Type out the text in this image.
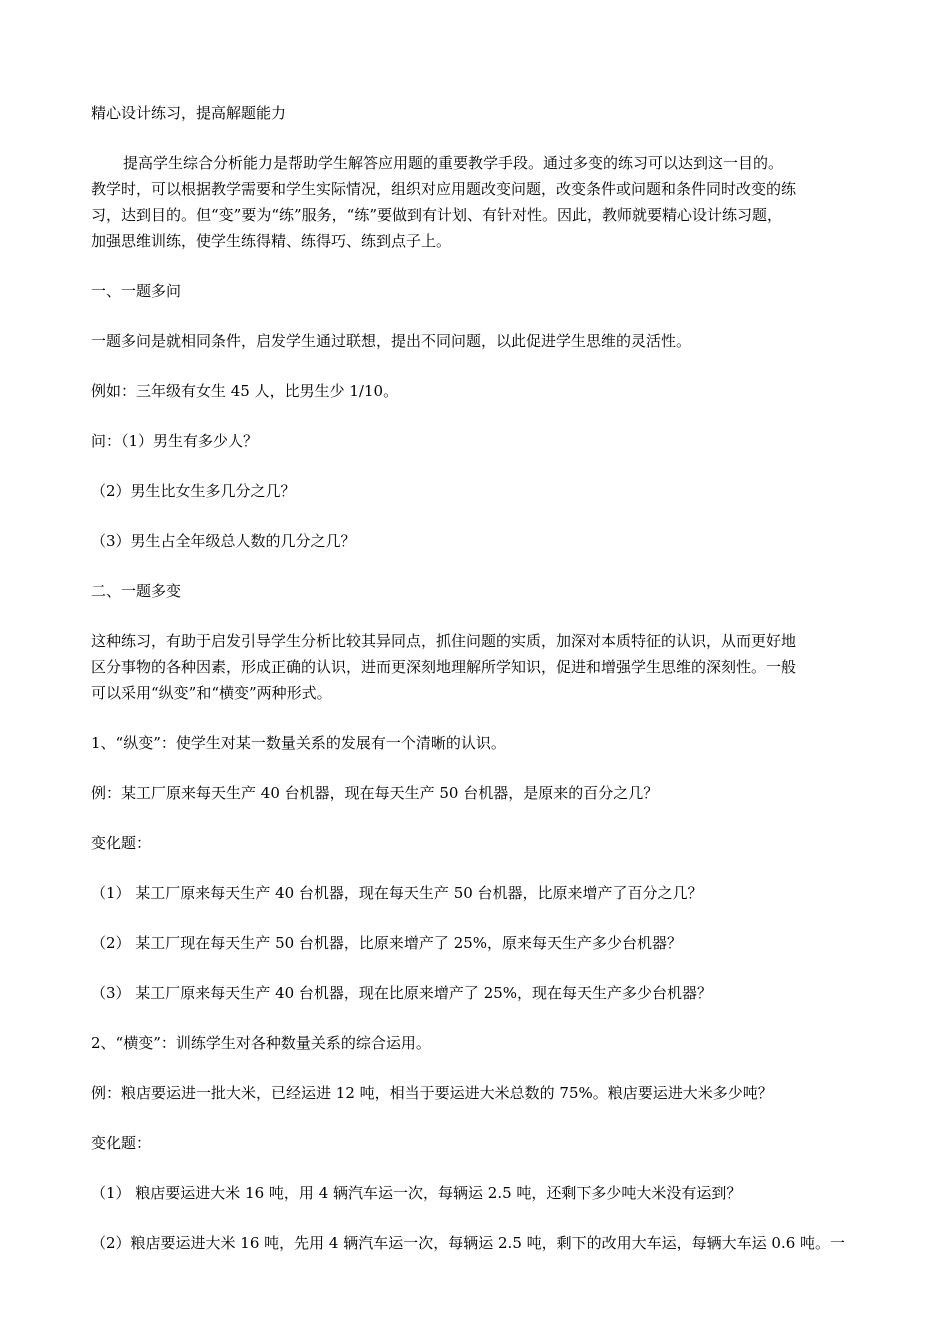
精心设计练习，提高解题能力
提高学生综合分析能力是帮助学生解答应用题的重要教学手段。通过多变的练习可以达到这一目的。
教学时，可以根据教学需要和学生实际情况，组织对应用题改变问题，改变条件或问题和条件同时改变的练
习，达到目的。但“变”要为“练”服务，“练”要做到有计划、有针对性。因此，教师就要精心设计练习题，
加强思维训练，使学生练得精、练得巧、练到点子上。
一、一题多问
一题多问是就相同条件，启发学生通过联想，提出不同问题，以此促进学生思维的灵活性。
例如：三年级有女生 45 人，比男生少 1/10。
问：（1）男生有多少人？
（2）男生比女生多几分之几？
（3）男生占全年级总人数的几分之几？
二、一题多变
这种练习，有助于启发引导学生分析比较其异同点，抓住问题的实质，加深对本质特征的认识，从而更好地
区分事物的各种因素，形成正确的认识，进而更深刻地理解所学知识，促进和增强学生思维的深刻性。一般
可以采用“纵变”和“横变”两种形式。
1、“纵变”：使学生对某一数量关系的发展有一个清晰的认识。
例：某工厂原来每天生产 40 台机器，现在每天生产 50 台机器，是原来的百分之几？
变化题：
（1） 某工厂原来每天生产 40 台机器，现在每天生产 50 台机器，比原来增产了百分之几？
（2） 某工厂现在每天生产 50 台机器，比原来增产了 25%，原来每天生产多少台机器？
（3） 某工厂原来每天生产 40 台机器，现在比原来增产了 25%，现在每天生产多少台机器？
2、“横变”：训练学生对各种数量关系的综合运用。
例：粮店要运进一批大米，已经运进 12 吨，相当于要运进大米总数的 75%。粮店要运进大米多少吨？
变化题：
（1） 粮店要运进大米 16 吨，用 4 辆汽车运一次，每辆运 2.5 吨，还剩下多少吨大米没有运到？
（2）粮店要运进大米 16 吨，先用 4 辆汽车运一次，每辆运 2.5 吨，剩下的改用大车运，每辆大车运 0.6 吨。一
